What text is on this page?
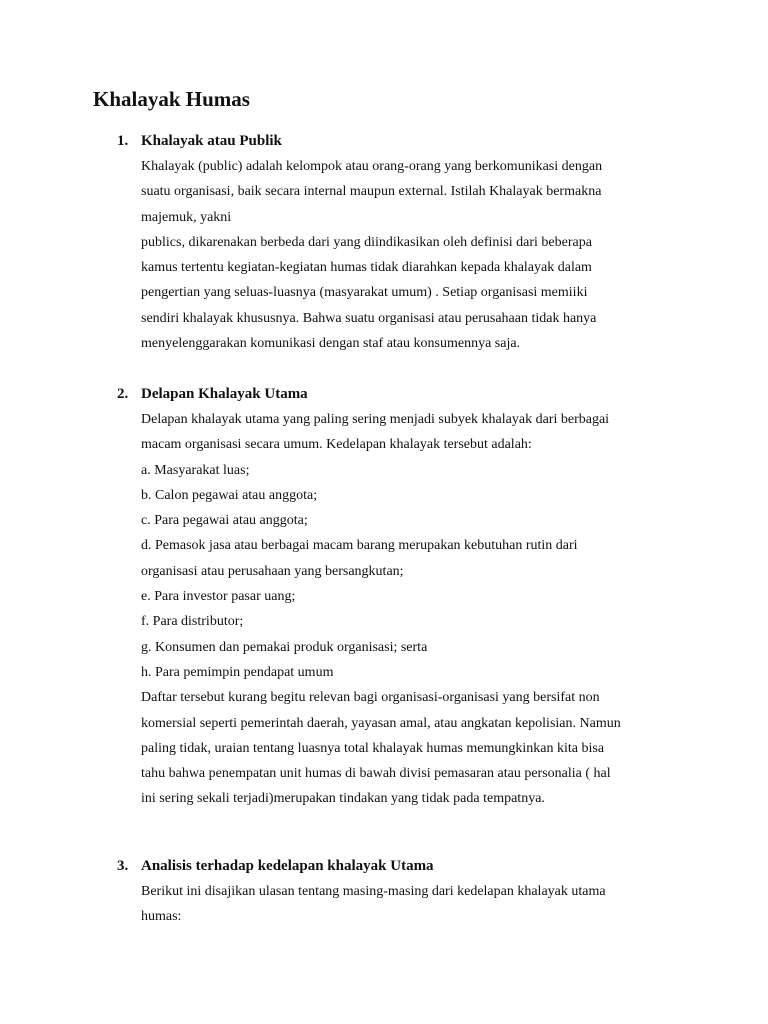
Khalayak Humas
1. Khalayak atau Publik
Khalayak (public) adalah kelompok atau orang-orang yang berkomunikasi dengan
suatu organisasi, baik secara internal maupun external. Istilah Khalayak bermakna
majemuk, yakni
publics, dikarenakan berbeda dari yang diindikasikan oleh definisi dari beberapa
kamus tertentu kegiatan-kegiatan humas tidak diarahkan kepada khalayak dalam
pengertian yang seluas-luasnya (masyarakat umum) . Setiap organisasi memiiki
sendiri khalayak khususnya. Bahwa suatu organisasi atau perusahaan tidak hanya
menyelenggarakan komunikasi dengan staf atau konsumennya saja.
2. Delapan Khalayak Utama
Delapan khalayak utama yang paling sering menjadi subyek khalayak dari berbagai
macam organisasi secara umum. Kedelapan khalayak tersebut adalah:
a. Masyarakat luas;
b. Calon pegawai atau anggota;
c. Para pegawai atau anggota;
d. Pemasok jasa atau berbagai macam barang merupakan kebutuhan rutin dari
organisasi atau perusahaan yang bersangkutan;
e. Para investor pasar uang;
f. Para distributor;
g. Konsumen dan pemakai produk organisasi; serta
h. Para pemimpin pendapat umum
Daftar tersebut kurang begitu relevan bagi organisasi-organisasi yang bersifat non
komersial seperti pemerintah daerah, yayasan amal, atau angkatan kepolisian. Namun
paling tidak, uraian tentang luasnya total khalayak humas memungkinkan kita bisa
tahu bahwa penempatan unit humas di bawah divisi pemasaran atau personalia ( hal
ini sering sekali terjadi)merupakan tindakan yang tidak pada tempatnya.
3. Analisis terhadap kedelapan khalayak Utama
Berikut ini disajikan ulasan tentang masing-masing dari kedelapan khalayak utama
humas:
